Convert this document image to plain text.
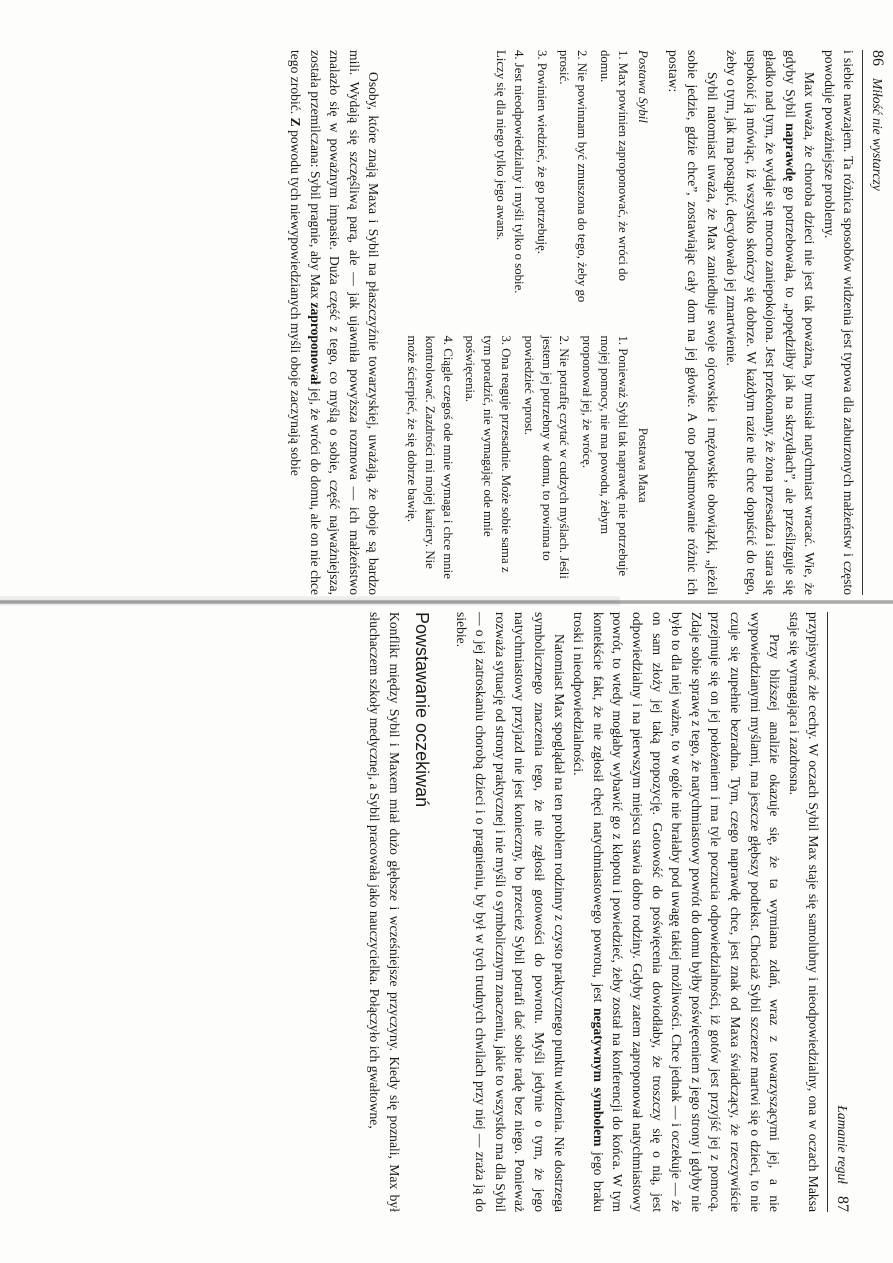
86Miłość nie wystarczy

i siebie nawzajem. Ta różnica sposobów widzenia jest typowa dla zaburzonych małżeństw i często powoduje poważniejsze problemy.

Max uważa, że choroba dzieci nie jest tak poważna, by musiał natychmiast wracać. Wie, że gdyby Sybil naprawdę go potrzebowała, to „popędziłby jak na skrzydłach”, ale prześlizguje się gładko nad tym, że wydaje się mocno zaniepokojona. Jest przekonany, że żona przesadza i stara się uspokoić ją mówiąc, iż wszystko skończy się dobrze. W każdym razie nie chce dopuścić do tego, żeby o tym, jak ma postąpić, decydowało jej zmartwienie.

Sybil natomiast uważa, że Max zaniedbuje swoje ojcowskie i mężowskie obowiązki, „jeżeli sobie jedzie, gdzie chce”, zostawiając cały dom na jej głowie. A oto podsumowanie różnic ich postaw:

Postawa Sybil
1. Max powinien zaproponować, że wróci do domu.
2. Nie powinnam być zmuszona do tego, żeby go prosić.
3. Powinien wiedzieć, że go potrzebuję.
4. Jest nieodpowiedzialny i myśli tylko o sobie. Liczy się dla niego tylko jego awans.
Postawa Maxa
1. Ponieważ Sybil tak naprawdę nie potrzebuje mojej pomocy, nie ma powodu, żebym proponował jej, że wrócę.
2. Nie potrafię czytać w cudzych myślach. Jeśli jestem jej potrzebny w domu, to powinna to powiedzieć wprost.
3. Ona reaguje przesadnie. Może sobie sama z tym poradzić, nie wymagając ode mnie poświęcenia.
4. Ciągle czegoś ode mnie wymaga i chce mnie kontrolować. Zazdrości mi mojej kariery. Nie może ścierpieć, że się dobrze bawię.

Osoby, które znają Maxa i Sybil na płaszczyźnie towarzyskiej, uważają, że oboje są bardzo mili. Wydają się szczęśliwą parą, ale — jak ujawniła powyższa rozmowa — ich małżeństwo znalazło się w poważnym impasie. Duża część z tego, co myślą o sobie, część najważniejsza, została przemilczana: Sybil pragnie, aby Max zaproponował jej, że wróci do domu, ale on nie chce tego zrobić. Z powodu tych niewypowiedzianych myśli oboje zaczynają sobie

Łamanie reguł87

przypisywać złe cechy. W oczach Sybil Max staje się samolubny i nieodpowiedzialny, ona w oczach Maksa staje się wymagająca i zazdrosna.

Przy bliższej analizie okazuje się, że ta wymiana zdań, wraz z towarzyszącymi jej, a nie wypowiedzianymi myślami, ma jeszcze głębszy podtekst. Chociaż Sybil szczerze martwi się o dzieci, to nie czuje się zupełnie bezradna. Tym, czego naprawdę chce, jest znak od Maxa świadczący, że rzeczywiście przejmuje się on jej położeniem i ma tyle poczucia odpowiedzialności, iż gotów jest przyjść jej z pomocą. Zdaje sobie sprawę z tego, że natychmiastowy powrót do domu byłby poświęceniem z jego strony i gdyby nie było to dla niej ważne, to w ogóle nie brałaby pod uwagę takiej możliwości. Chce jednak — i oczekuje — że on sam złoży jej taką propozycję. Gotowość do poświęcenia dowiodłaby, że troszczy się o nią, jest odpowiedzialny i na pierwszym miejscu stawia dobro rodziny. Gdyby zatem zaproponował natychmiastowy powrót, to wtedy mogłaby wybawić go z kłopotu i powiedzieć, żeby został na konferencji do końca. W tym kontekście fakt, że nie zgłosił chęci natychmiastowego powrotu, jest negatywnym symbolem jego braku troski i nieodpowiedzialności.

Natomiast Max spoglądał na ten problem rodzinny z czysto praktycznego punktu widzenia. Nie dostrzega symbolicznego znaczenia tego, że nie zgłosił gotowości do powrotu. Myśli jedynie o tym, że jego natychmiastowy przyjazd nie jest konieczny, bo przecież Sybil potrafi dać sobie radę bez niego. Ponieważ rozważa sytuację od strony praktycznej i nie myśli o symbolicznym znaczeniu, jakie to wszystko ma dla Sybil — o jej zatroskaniu chorobą dzieci i o pragnieniu, by był w tych trudnych chwilach przy niej — zraża ją do siebie.

Powstawanie oczekiwań

Konflikt między Sybil i Maxem miał dużo głębsze i wcześniejsze przyczyny. Kiedy się poznali, Max był słuchaczem szkoły medycznej, a Sybil pracowała jako nauczycielka. Połączyło ich gwałtowne,
